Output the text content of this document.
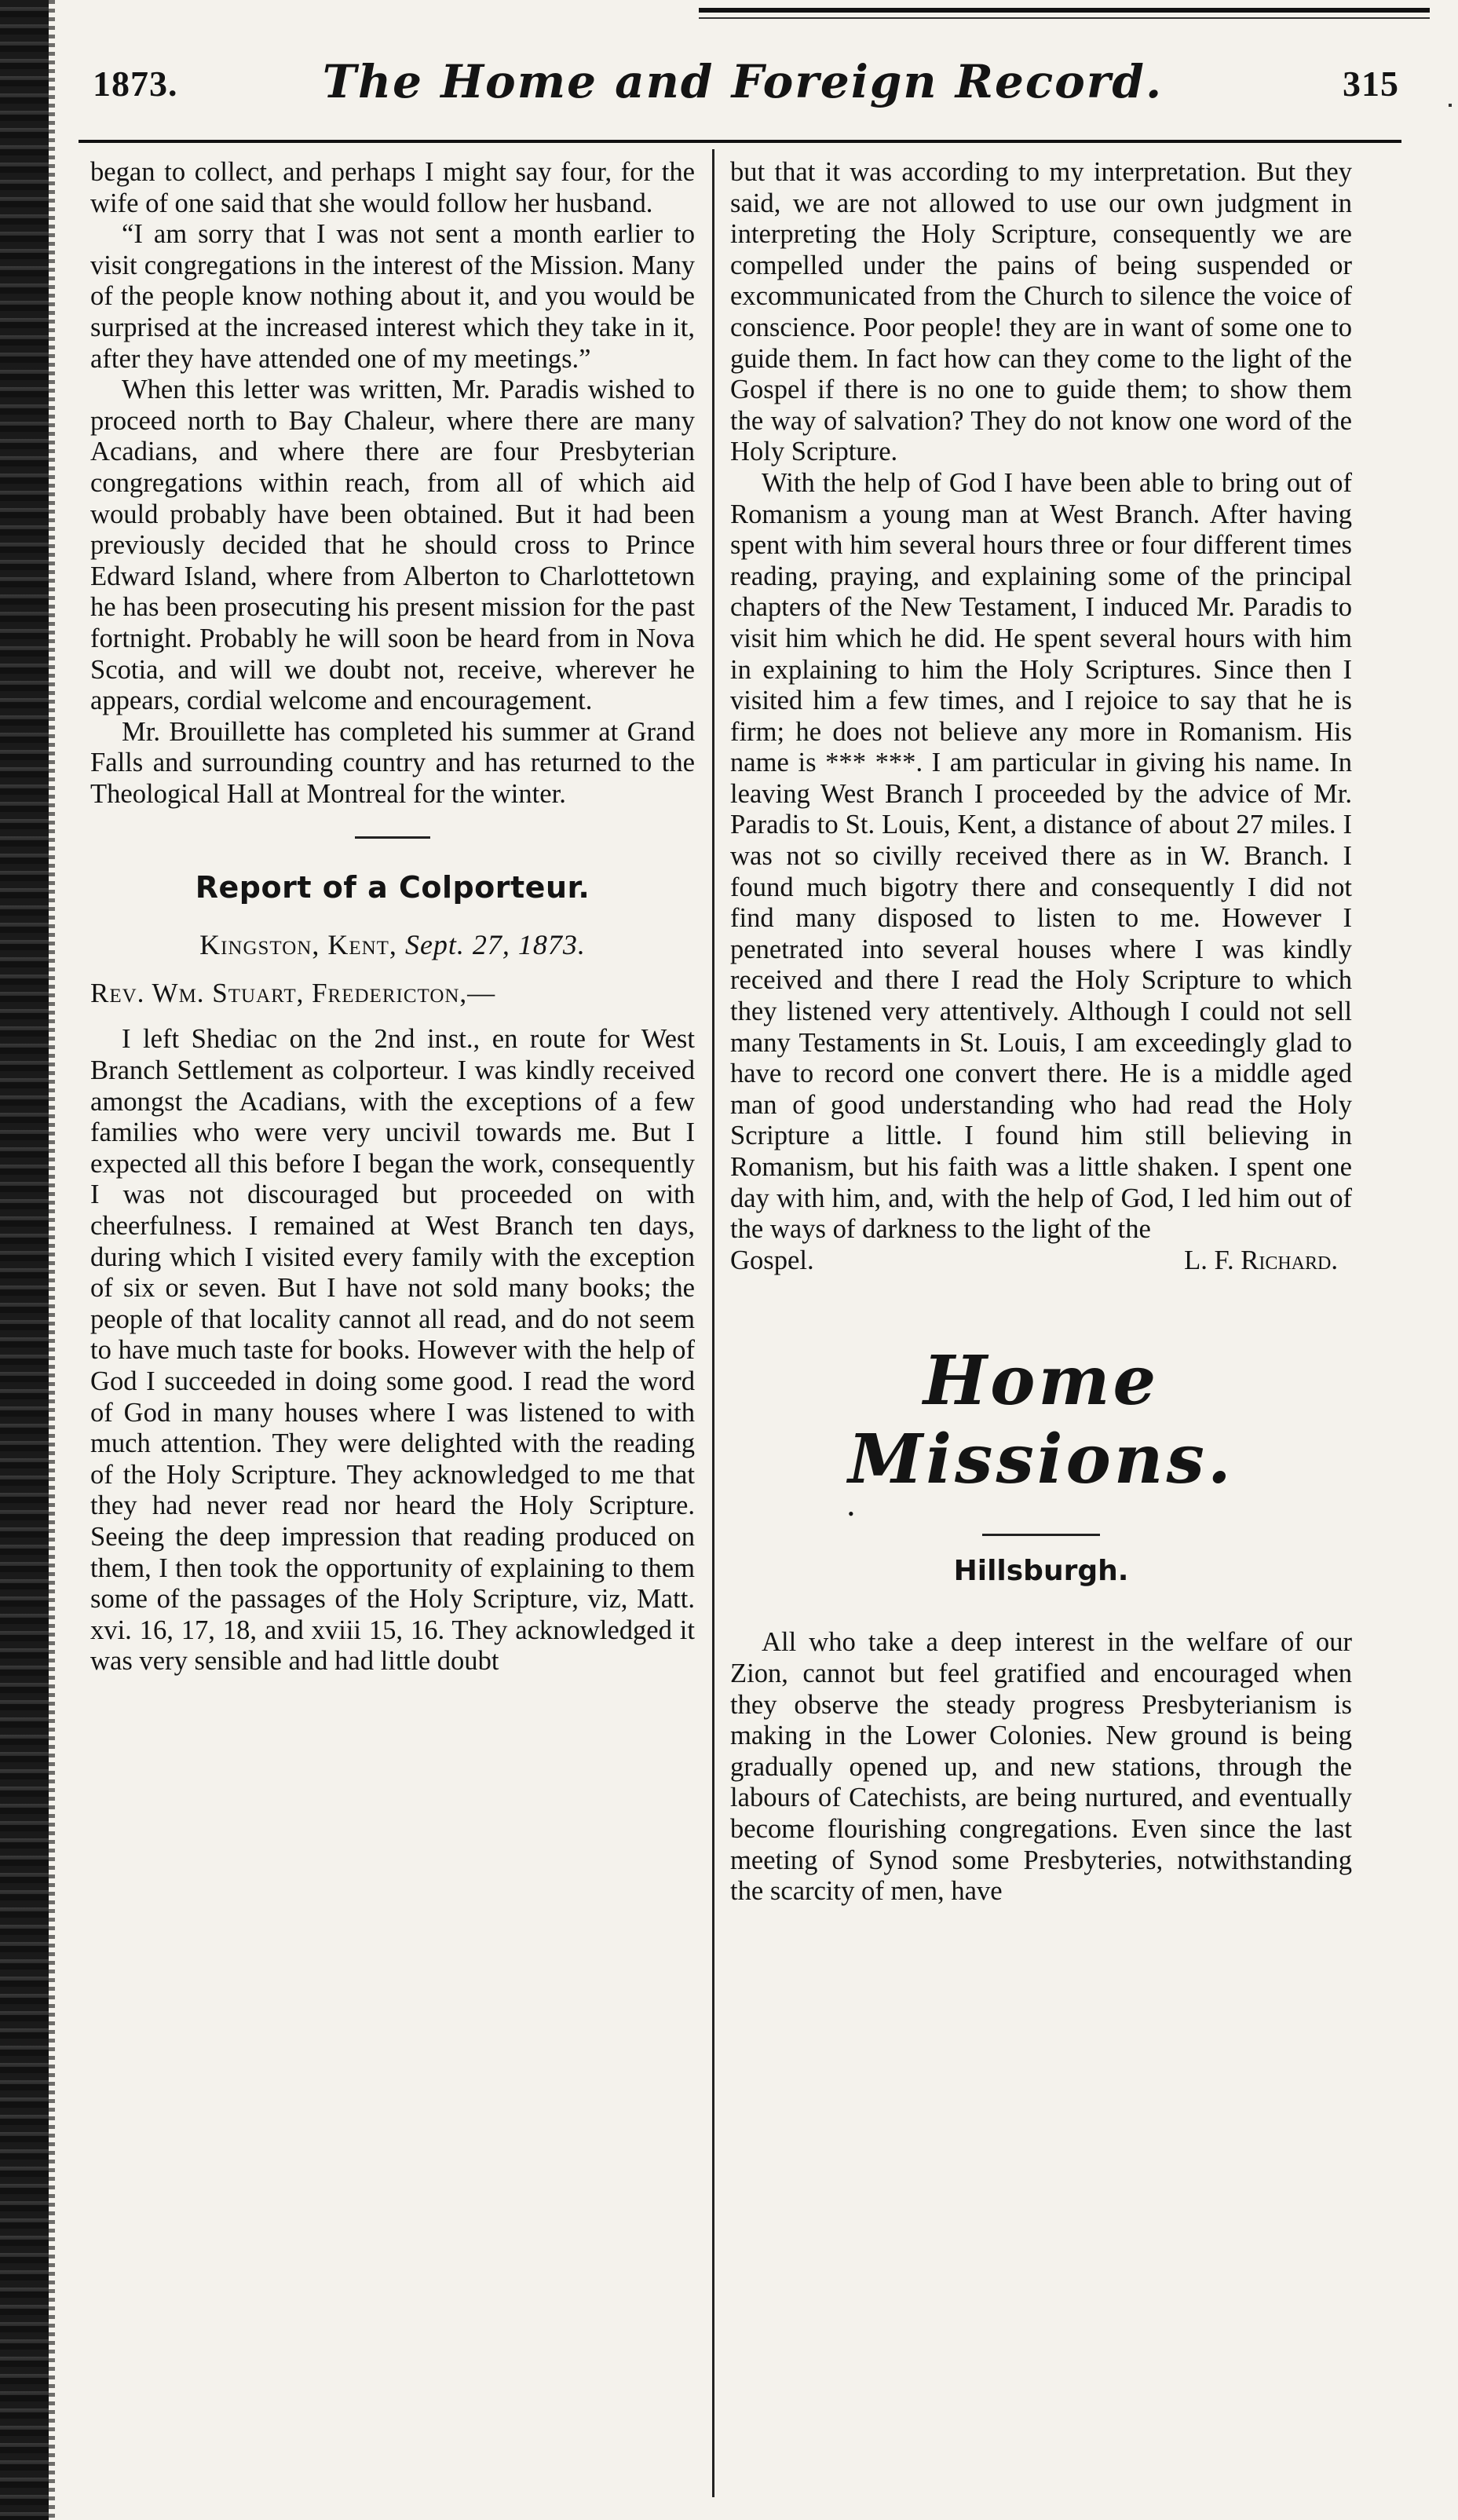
1873.	The Home and Foreign Record.	315

began to collect, and perhaps I might say four, for the wife of one said that she would follow her husband.

“I am sorry that I was not sent a month earlier to visit congregations in the interest of the Mission. Many of the people know nothing about it, and you would be surprised at the increased interest which they take in it, after they have attended one of my meetings.”

When this letter was written, Mr. Paradis wished to proceed north to Bay Chaleur, where there are many Acadians, and where there are four Presbyterian congregations within reach, from all of which aid would probably have been obtained. But it had been previously decided that he should cross to Prince Edward Island, where from Alberton to Charlottetown he has been prosecuting his present mission for the past fortnight. Probably he will soon be heard from in Nova Scotia, and will we doubt not, receive, wherever he appears, cordial welcome and encouragement.

Mr. Brouillette has completed his summer at Grand Falls and surrounding country and has returned to the Theological Hall at Montreal for the winter.

Report of a Colporteur.
Kingston, Kent, Sept. 27, 1873.
Rev. Wm. Stuart, Fredericton,—

I left Shediac on the 2nd inst., en route for West Branch Settlement as colporteur. I was kindly received amongst the Acadians, with the exceptions of a few families who were very uncivil towards me. But I expected all this before I began the work, consequently I was not discouraged but proceeded on with cheerfulness. I remained at West Branch ten days, during which I visited every family with the exception of six or seven. But I have not sold many books; the people of that locality cannot all read, and do not seem to have much taste for books. However with the help of God I succeeded in doing some good. I read the word of God in many houses where I was listened to with much attention. They were delighted with the reading of the Holy Scripture. They acknowledged to me that they had never read nor heard the Holy Scripture. Seeing the deep impression that reading produced on them, I then took the opportunity of explaining to them some of the passages of the Holy Scripture, viz, Matt. xvi. 16, 17, 18, and xviii 15, 16. They acknowledged it was very sensible and had little doubt

but that it was according to my interpretation. But they said, we are not allowed to use our own judgment in interpreting the Holy Scripture, consequently we are compelled under the pains of being suspended or excommunicated from the Church to silence the voice of conscience. Poor people! they are in want of some one to guide them. In fact how can they come to the light of the Gospel if there is no one to guide them; to show them the way of salvation? They do not know one word of the Holy Scripture.

With the help of God I have been able to bring out of Romanism a young man at West Branch. After having spent with him several hours three or four different times reading, praying, and explaining some of the principal chapters of the New Testament, I induced Mr. Paradis to visit him which he did. He spent several hours with him in explaining to him the Holy Scriptures. Since then I visited him a few times, and I rejoice to say that he is firm; he does not believe any more in Romanism. His name is *** ***. I am particular in giving his name. In leaving West Branch I proceeded by the advice of Mr. Paradis to St. Louis, Kent, a distance of about 27 miles. I was not so civilly received there as in W. Branch. I found much bigotry there and consequently I did not find many disposed to listen to me. However I penetrated into several houses where I was kindly received and there I read the Holy Scripture to which they listened very attentively. Although I could not sell many Testaments in St. Louis, I am exceedingly glad to have to record one convert there. He is a middle aged man of good understanding who had read the Holy Scripture a little. I found him still believing in Romanism, but his faith was a little shaken. I spent one day with him, and, with the help of God, I led him out of the ways of darkness to the light of the

Gospel.	L. F. Richard.

Home Missions.
•
Hillsburgh.

All who take a deep interest in the welfare of our Zion, cannot but feel gratified and encouraged when they observe the steady progress Presbyterianism is making in the Lower Colonies. New ground is being gradually opened up, and new stations, through the labours of Catechists, are being nurtured, and eventually become flourishing congregations. Even since the last meeting of Synod some Presbyteries, notwithstanding the scarcity of men, have
